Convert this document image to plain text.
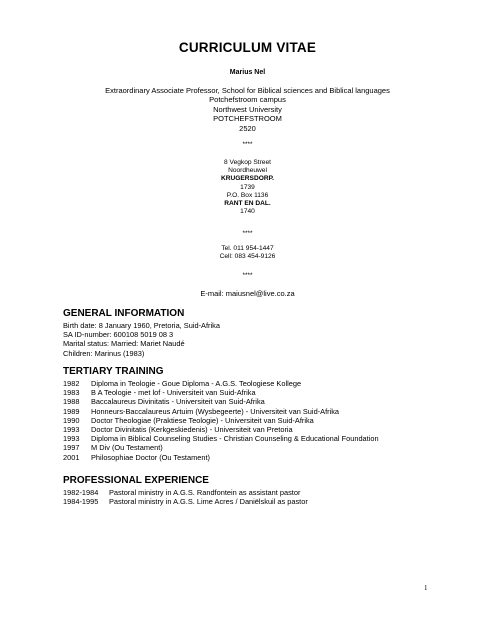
CURRICULUM VITAE
Marius Nel
Extraordinary Associate Professor, School for Biblical sciences and Biblical languages
Potchefstroom campus
Northwest University
POTCHEFSTROOM
2520
****
8 Vegkop Street
Noordheuwel
KRUGERSDORP.
1739
P.O. Box 1136
RANT EN DAL.
1740
****
Tel. 011 954-1447
Cell: 083 454-9126
****
E-mail: maiusnel@live.co.za
GENERAL INFORMATION
Birth date: 8 January 1960, Pretoria, Suid-Afrika
SA ID-number: 600108 5019 08 3
Marital status: Married: Mariet Naudé
Children: Marinus (1983)
TERTIARY TRAINING
1982	Diploma in Teologie - Goue Diploma - A.G.S. Teologiese Kollege
1983	B A Teologie - met lof - Universiteit van Suid-Afrika
1988	Baccalaureus Divinitatis - Universiteit van Suid-Afrika
1989	Honneurs-Baccalaureus Artuim (Wysbegeerte) - Universiteit van Suid-Afrika
1990	Doctor Theologiae (Praktiese Teologie) - Universiteit van Suid-Afrika
1993	Doctor Divinitatis (Kerkgeskiedenis) - Universiteit van Pretoria
1993	Diploma in Biblical Counseling Studies - Christian Counseling & Educational Foundation
1997	M Div (Ou Testament)
2001	Philosophiae Doctor (Ou Testament)
PROFESSIONAL EXPERIENCE
1982-1984	Pastoral ministry in A.G.S. Randfontein as assistant pastor
1984-1995	Pastoral ministry in A.G.S. Lime Acres / Daniëlskuil as pastor
1
